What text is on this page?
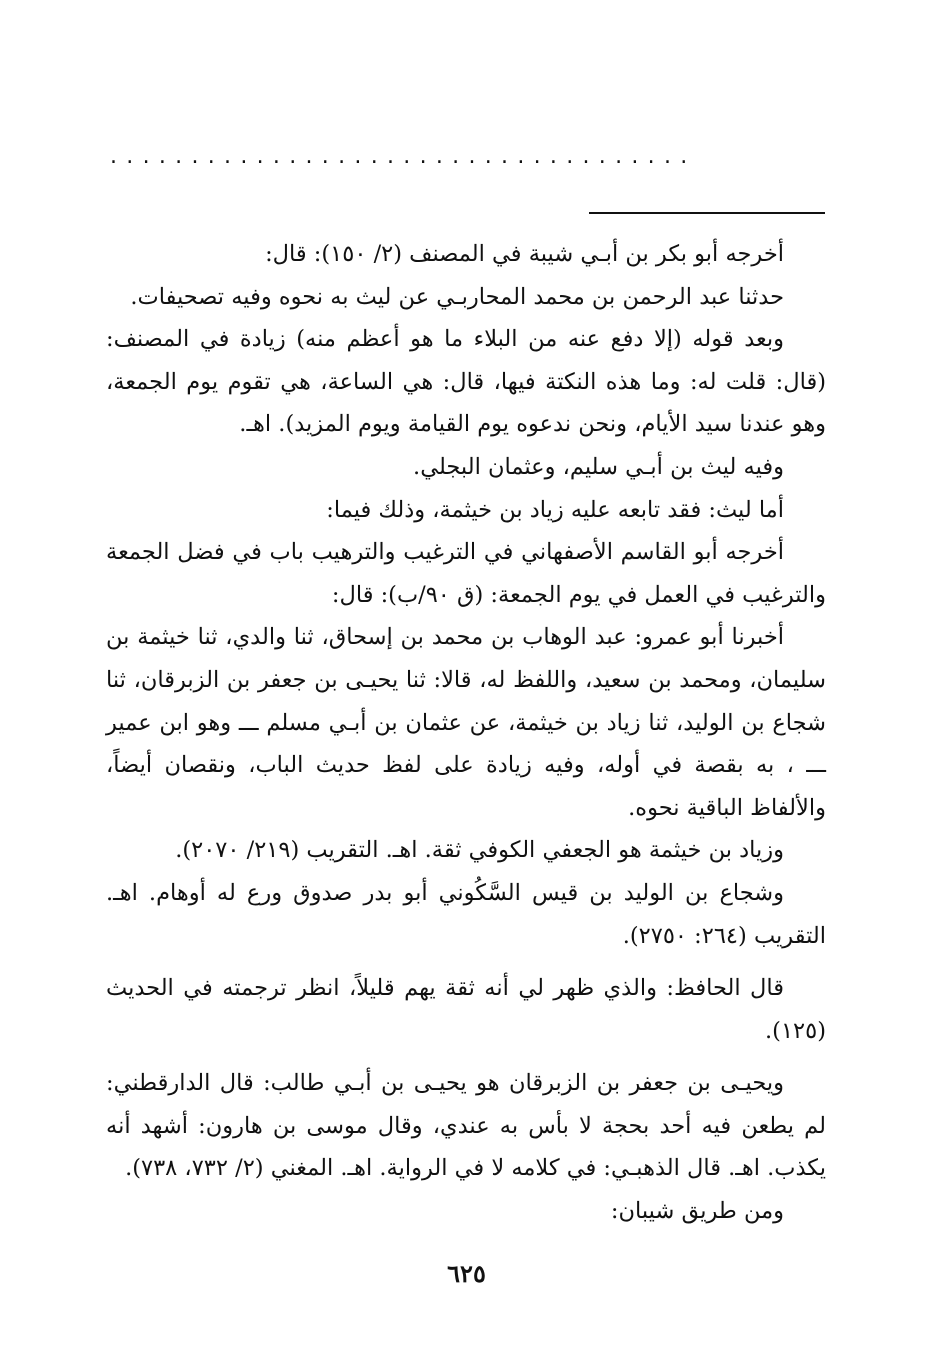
....................................

أخرجه أبو بكر بن أبـي شيبة في المصنف (٢/ ١٥٠): قال:

حدثنا عبد الرحمن بن محمد المحاربـي عن ليث به نحوه وفيه تصحيفات.

وبعد قوله (إلا دفع عنه من البلاء ما هو أعظم منه) زيادة في المصنف: (قال: قلت له: وما هذه النكتة فيها، قال: هي الساعة، هي تقوم يوم الجمعة، وهو عندنا سيد الأيام، ونحن ندعوه يوم القيامة ويوم المزيد). اهـ.

وفيه ليث بن أبـي سليم، وعثمان البجلي.

أما ليث: فقد تابعه عليه زياد بن خيثمة، وذلك فيما:

أخرجه أبو القاسم الأصفهاني في الترغيب والترهيب باب في فضل الجمعة والترغيب في العمل في يوم الجمعة: (ق ٩٠/ب): قال:

أخبرنا أبو عمرو: عبد الوهاب بن محمد بن إسحاق، ثنا والدي، ثنا خيثمة بن سليمان، ومحمد بن سعيد، واللفظ له، قالا: ثنا يحيـى بن جعفر بن الزبرقان، ثنا شجاع بن الوليد، ثنا زياد بن خيثمة، عن عثمان بن أبـي مسلم ـــ وهو ابن عمير ـــ ، به بقصة في أوله، وفيه زيادة على لفظ حديث الباب، ونقصان أيضاً، والألفاظ الباقية نحوه.

وزياد بن خيثمة هو الجعفي الكوفي ثقة. اهـ. التقريب (٢١٩/ ٢٠٧٠).

وشجاع بن الوليد بن قيس السَّكُوني أبو بدر صدوق ورع له أوهام. اهـ. التقريب (٢٦٤: ٢٧٥٠).

قال الحافظ: والذي ظهر لي أنه ثقة يهم قليلاً، انظر ترجمته في الحديث (١٢٥).

ويحيـى بن جعفر بن الزبرقان هو يحيـى بن أبـي طالب: قال الدارقطني: لم يطعن فيه أحد بحجة لا بأس به عندي، وقال موسى بن هارون: أشهد أنه يكذب. اهـ. قال الذهبـي: في كلامه لا في الرواية. اهـ. المغني (٢/ ٧٣٢، ٧٣٨).

ومن طريق شيبان:

٦٢٥
